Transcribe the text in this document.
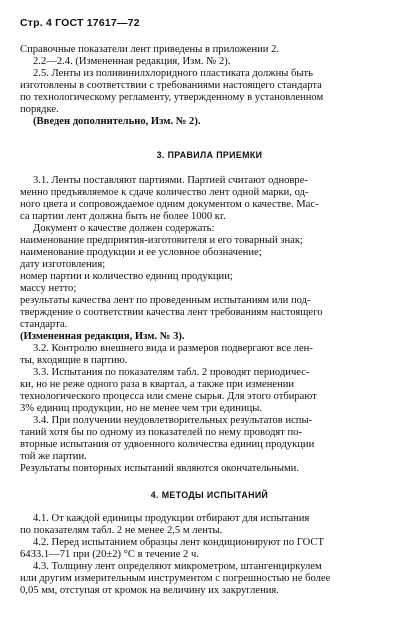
Стр. 4 ГОСТ 17617—72
Справочные показатели лент приведены в приложении 2.
2.2—2.4. (Измененная редакция, Изм. № 2).
2.5. Ленты из поливинилхлоридного пластиката должны быть
изготовлены в соответствии с требованиями настоящего стандарта
по технологическому регламенту, утвержденному в установленном
порядке.
(Введен дополнительно, Изм. № 2).
3. ПРАВИЛА ПРИЕМКИ
3.1. Ленты поставляют партиями. Партией считают одновре-
менно предъявляемое к сдаче количество лент одной марки, од-
ного цвета и сопровождаемое одним документом о качестве. Мас-
са партии лент должна быть не более 1000 кг.
Документ о качестве должен содержать:
наименование предприятия-изготовителя и его товарный знак;
наименование продукции и ее условное обозначение;
дату изготовления;
номер партии и количество единиц продукции;
массу нетто;
результаты качества лент по проведенным испытаниям или под-
тверждение о соответствии качества лент требованиям настоящего
стандарта.
(Измененная редакция, Изм. № 3).
3.2. Контролю внешнего вида и размеров подвергают все лен-
ты, входящие в партию.
3.3. Испытания по показателям табл. 2 проводят периодичес-
ки, но не реже одного раза в квартал, а также при изменении
технологического процесса или смене сырья. Для этого отбирают
3% единиц продукции, но не менее чем три единицы.
3.4. При получении неудовлетворительных результатов испы-
таний хотя бы по одному из показателей по нему проводят по-
вторные испытания от удвоенного количества единиц продукции
той же партии.
Результаты повторных испытаний являются окончательными.
4. МЕТОДЫ ИСПЫТАНИЙ
4.1. От каждой единицы продукции отбирают для испытания
по показателям табл. 2 не менее 2,5 м ленты.
4.2. Перед испытанием образцы лент кондиционируют по ГОСТ
6433.1—71 при (20±2) °С в течение 2 ч.
4.3. Толщину лент определяют микрометром, штангенциркулем
или другим измерительным инструментом с погрешностью не более
0,05 мм, отступая от кромок на величину их закругления.
